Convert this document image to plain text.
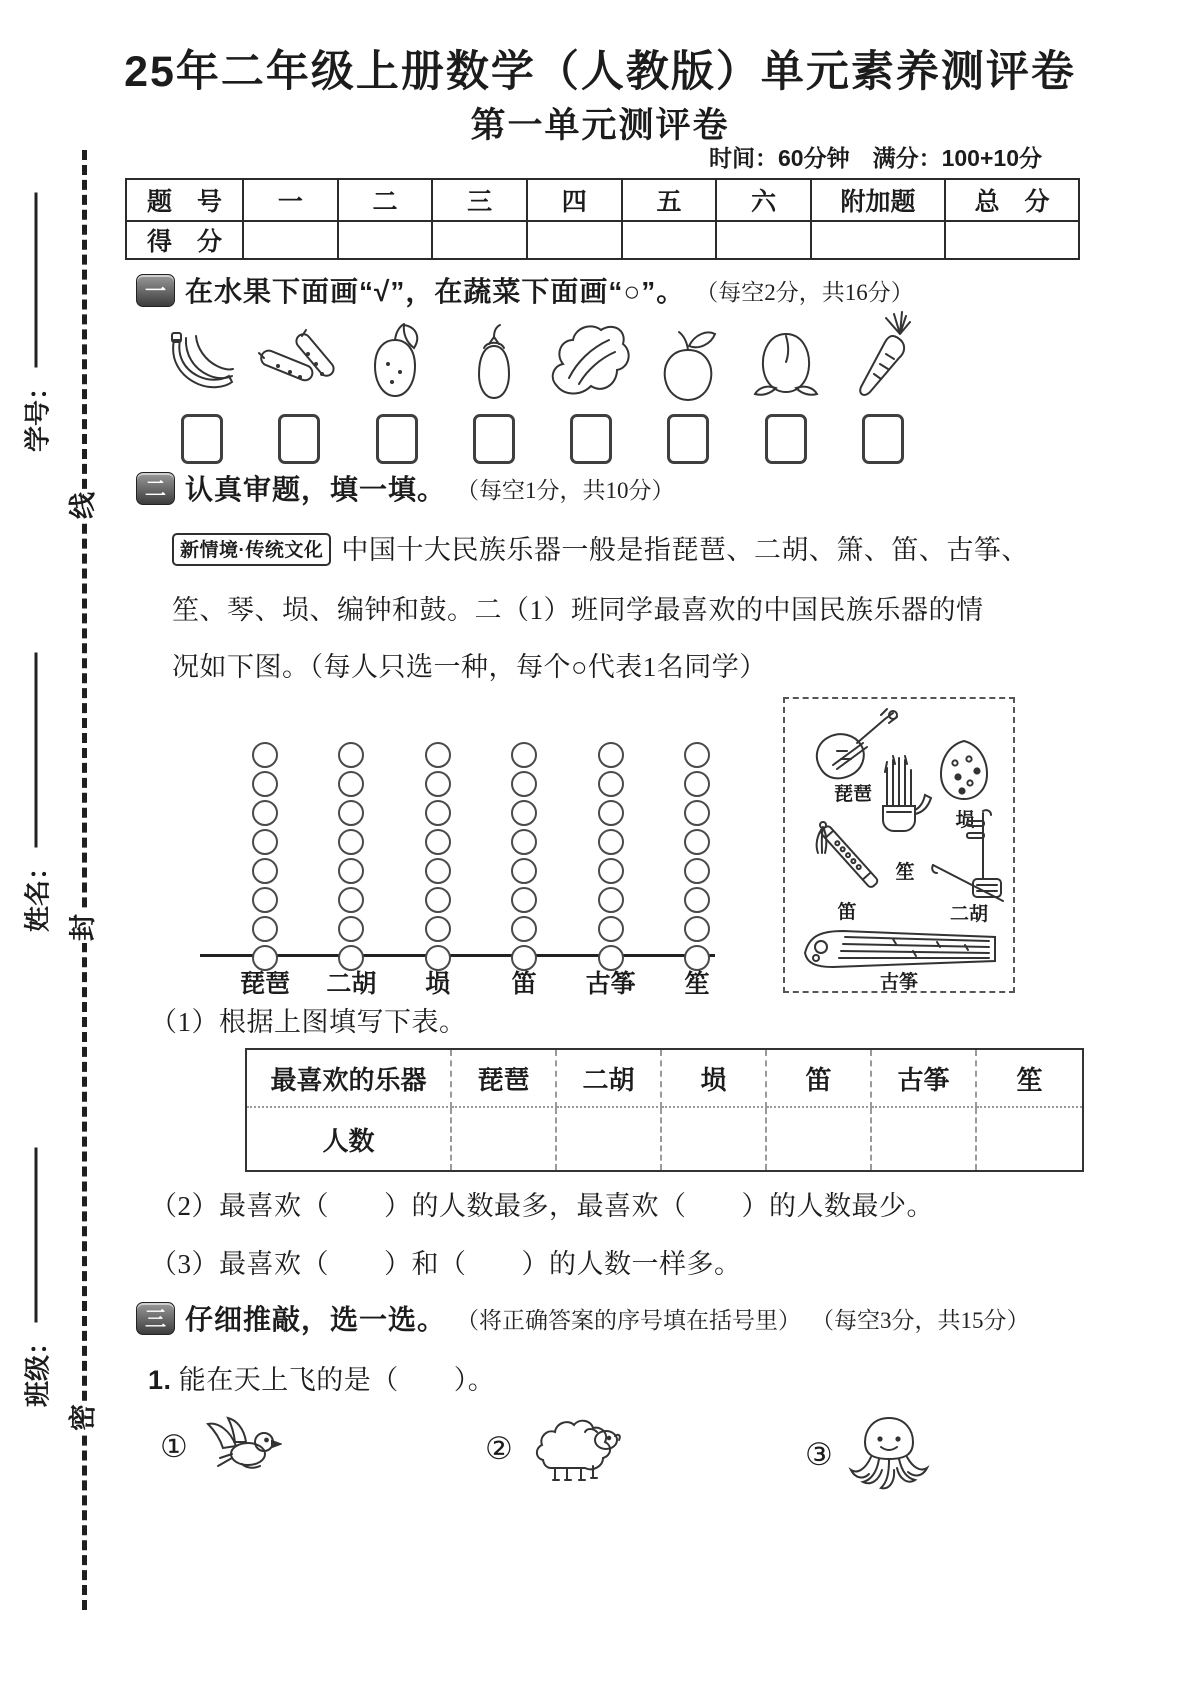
学号：
姓名：
班级：
线
封
密
25年二年级上册数学（人教版）单元素养测评卷
第一单元测评卷
时间：60分钟　满分：100+10分
题　号	一	二	三	四	五	六	附加题	总　分
得　分								
一 在水果下面画“√”，在蔬菜下面画“○”。 （每空2分，共16分）
二 认真审题，填一填。 （每空1分，共10分）
新情境·传统文化 中国十大民族乐器一般是指琵琶、二胡、箫、笛、古筝、
笙、琴、埙、编钟和鼓。二（1）班同学最喜欢的中国民族乐器的情
况如下图。（每人只选一种，每个○代表1名同学）
琵琶	二胡	埙	笛	古筝	笙
琵琶
埙
笙
笛	二胡
古筝
（1）根据上图填写下表。
最喜欢的乐器	琵琶	二胡	埙	笛	古筝	笙
人数
（2）最喜欢（　　）的人数最多，最喜欢（　　）的人数最少。
（3）最喜欢（　　）和（　　）的人数一样多。
三 仔细推敲，选一选。 （将正确答案的序号填在括号里） （每空3分，共15分）
1. 能在天上飞的是（　　）。
①	②	③
